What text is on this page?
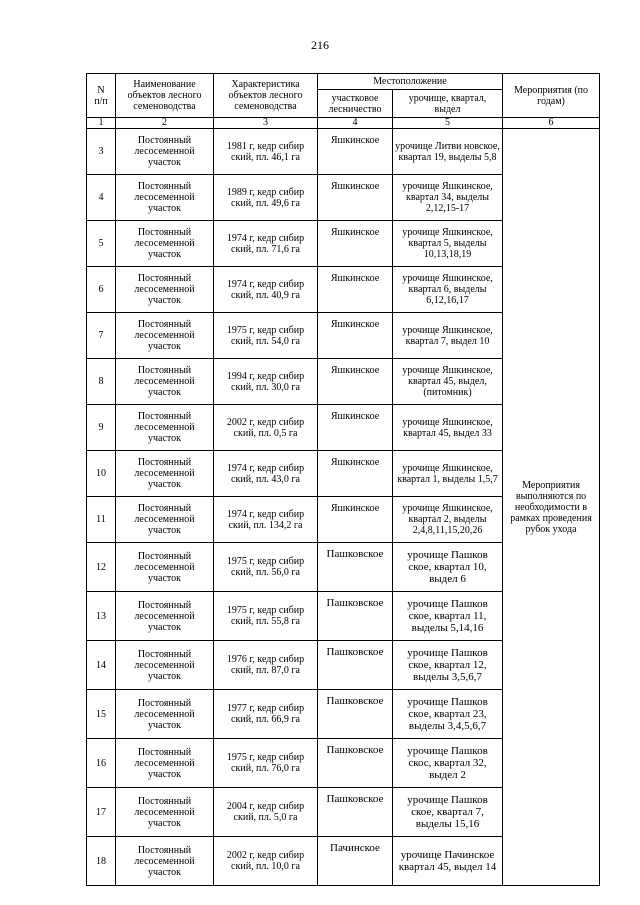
216
N
п/п	Наименование объектов лесного семеноводства	Характеристика объектов лесного семеноводства	Местоположение		Мероприятия (по годам)
			участковое лесничество	урочище, квартал, выдел	
1	2	3	4	5	6
3	Постоянный лесосеменной участок	1981 г, кедр сибир ский, пл. 46,1 га	Яшкинское	урочище Литви новское, квартал 19, выделы 5,8	Мероприятия выполняются по необходимости в рамках проведения рубок ухода
4	Постоянный лесосеменной участок	1989 г, кедр сибир ский, пл. 49,6 га	Яшкинское	урочище Яшкинское, квартал 34, выделы 2,12,15-17	
5	Постоянный лесосеменной участок	1974 г, кедр сибир ский, пл. 71,6 га	Яшкинское	урочище Яшкинское, квартал 5, выделы 10,13,18,19	
6	Постоянный лесосеменной участок	1974 г, кедр сибир ский, пл. 40,9 га	Яшкинское	урочище Яшкинское, квартал 6, выделы 6,12,16,17	
7	Постоянный лесосеменной участок	1975 г, кедр сибир ский, пл. 54,0 га	Яшкинское	урочище Яшкинское, квартал 7, выдел 10	
8	Постоянный лесосеменной участок	1994 г, кедр сибир ский, пл. 30,0 га	Яшкинское	урочище Яшкинское, квартал 45, выдел, (питомник)	
9	Постоянный лесосеменной участок	2002 г, кедр сибир ский, пл. 0,5 га	Яшкинское	урочище Яшкинское, квартал 45, выдел 33	
10	Постоянный лесосеменной участок	1974 г, кедр сибир ский, пл. 43,0 га	Яшкинское	урочище Яшкинское, квартал 1, выделы 1,5,7	
11	Постоянный лесосеменной участок	1974 г, кедр сибир ский, пл. 134,2 га	Яшкинское	урочище Яшкинское, квартал 2, выделы 2,4,8,11,15,20,26	
12	Постоянный лесосеменной участок	1975 г, кедр сибир ский, пл. 56,0 га	Пашковское	урочище Пашков ское, квартал 10, выдел 6	
13	Постоянный лесосеменной участок	1975 г, кедр сибир ский, пл. 55,8 га	Пашковское	урочище Пашков ское, квартал 11, выделы 5,14,16	
14	Постоянный лесосеменной участок	1976 г, кедр сибир ский, пл. 87,0 га	Пашковское	урочище Пашков ское, квартал 12, выделы 3,5,6,7	
15	Постоянный лесосеменной участок	1977 г, кедр сибир ский, пл. 66,9 га	Пашковское	урочище Пашков ское, квартал 23, выделы 3,4,5,6,7	
16	Постоянный лесосеменной участок	1975 г, кедр сибир ский, пл. 76,0 га	Пашковское	урочище Пашков скос, квартал 32, выдел 2	
17	Постоянный лесосеменной участок	2004 г, кедр сибир ский, пл. 5,0 га	Пашковское	урочище Пашков ское, квартал 7, выделы 15,16	
18	Постоянный лесосеменной участок	2002 г, кедр сибир ский, пл. 10,0 га	Пачинское	урочище Пачинское квартал 45, выдел 14	
